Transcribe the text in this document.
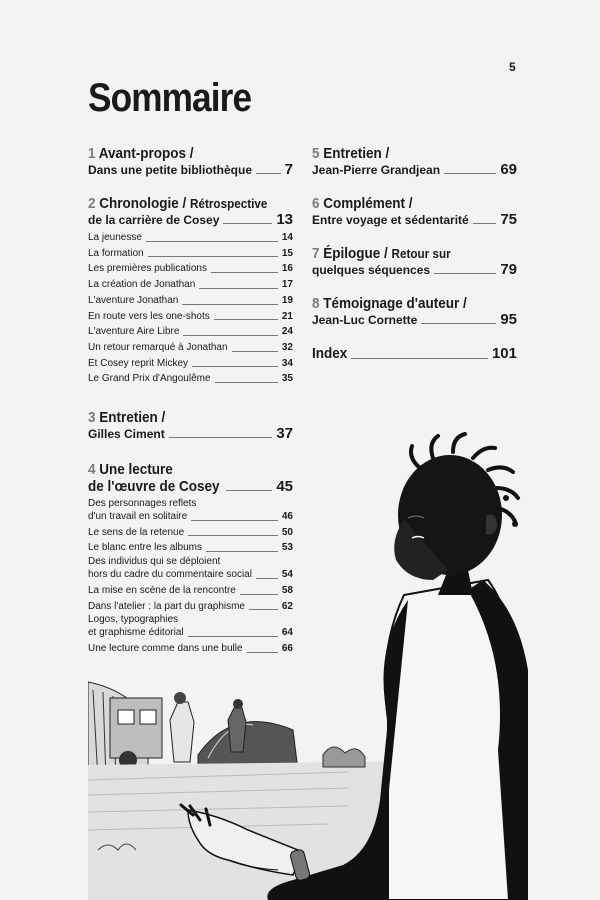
5
Sommaire
1 Avant-propos /
Dans une petite bibliothèque 7
2 Chronologie / Rétrospective
de la carrière de Cosey	13
La jeunesse	14
La formation	15
Les premières publications	16
La création de Jonathan	17
L'aventure Jonathan	19
En route vers les one-shots	21
L'aventure Aire Libre	24
Un retour remarqué à Jonathan	32
Et Cosey reprit Mickey	34
Le Grand Prix d'Angoulême	35
3 Entretien /
Gilles Ciment	37
4 Une lecture
de l'œuvre de Cosey	45
Des personnages reflets
d'un travail en solitaire	46
Le sens de la retenue	50
Le blanc entre les albums	53
Des individus qui se déploient
hors du cadre du commentaire social	54
La mise en scène de la rencontre	58
Dans l'atelier : la part du graphisme	62
Logos, typographies
et graphisme éditorial	64
Une lecture comme dans une bulle	66
5 Entretien /
Jean-Pierre Grandjean	69
6 Complément /
Entre voyage et sédentarité 75
7 Épilogue / Retour sur
quelques séquences	79
8 Témoignage d'auteur /
Jean-Luc Cornette	95
Index	101
